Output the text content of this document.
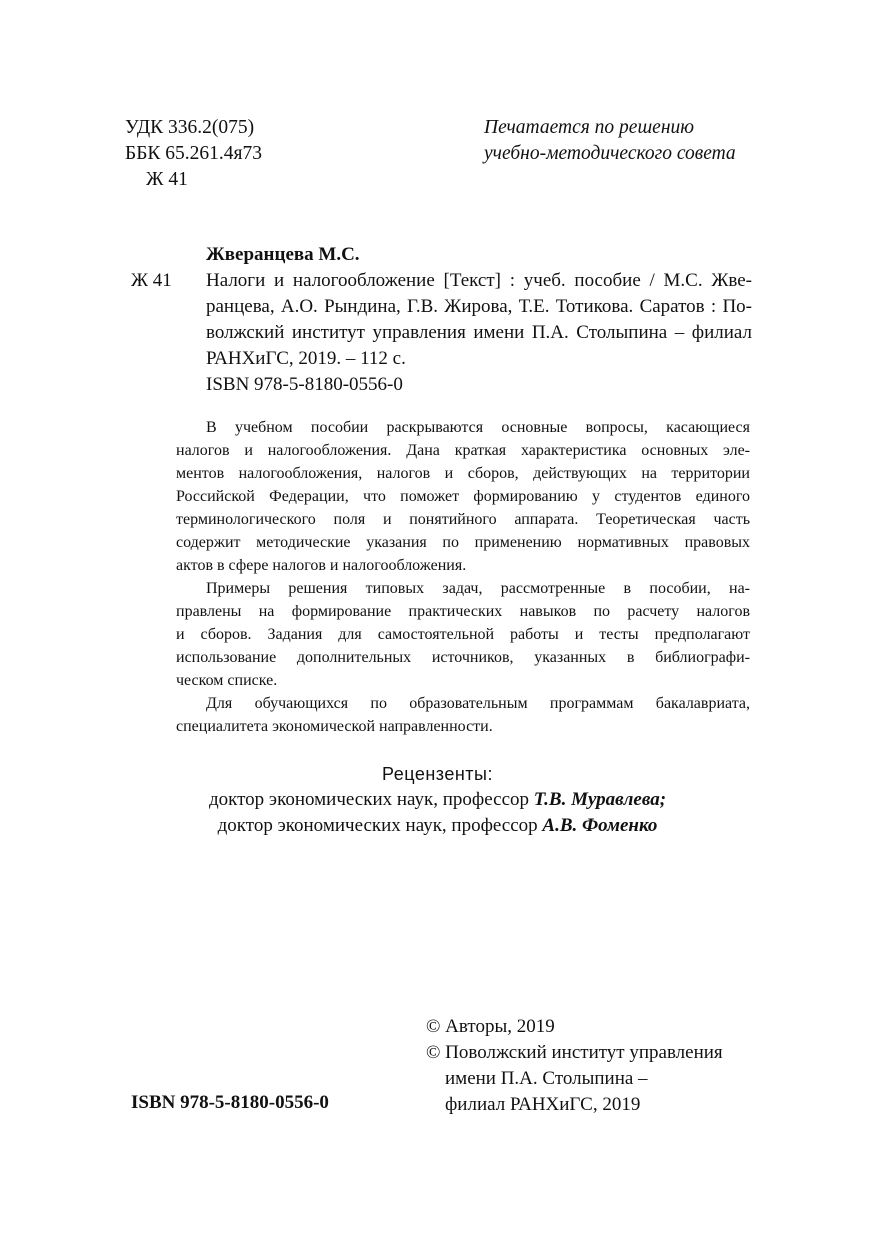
УДК 336.2(075)
ББК 65.261.4я73
Ж 41
Печатается по решению
учебно-методического совета
Жверанцева М.С.
Ж 41 Налоги и налогообложение [Текст] : учеб. пособие / М.С. Жве-
ранцева, А.О. Рындина, Г.В. Жирова, Т.Е. Тотикова. Саратов : По-
волжский институт управления имени П.А. Столыпина – филиал
РАНХиГС, 2019. – 112 с.
ISBN 978-5-8180-0556-0
В учебном пособии раскрываются основные вопросы, касающиеся
налогов и налогообложения. Дана краткая характеристика основных эле-
ментов налогообложения, налогов и сборов, действующих на территории
Российской Федерации, что поможет формированию у студентов единого
терминологического поля и понятийного аппарата. Теоретическая часть
содержит методические указания по применению нормативных правовых
актов в сфере налогов и налогообложения.
Примеры решения типовых задач, рассмотренные в пособии, на-
правлены на формирование практических навыков по расчету налогов
и сборов. Задания для самостоятельной работы и тесты предполагают
использование дополнительных источников, указанных в библиографи-
ческом списке.
Для обучающихся по образовательным программам бакалавриата,
специалитета экономической направленности.
Рецензенты:
доктор экономических наук, профессор Т.В. Муравлева;
доктор экономических наук, профессор А.В. Фоменко
ISBN 978-5-8180-0556-0
© Авторы, 2019
© Поволжский институт управления
имени П.А. Столыпина –
филиал РАНХиГС, 2019
